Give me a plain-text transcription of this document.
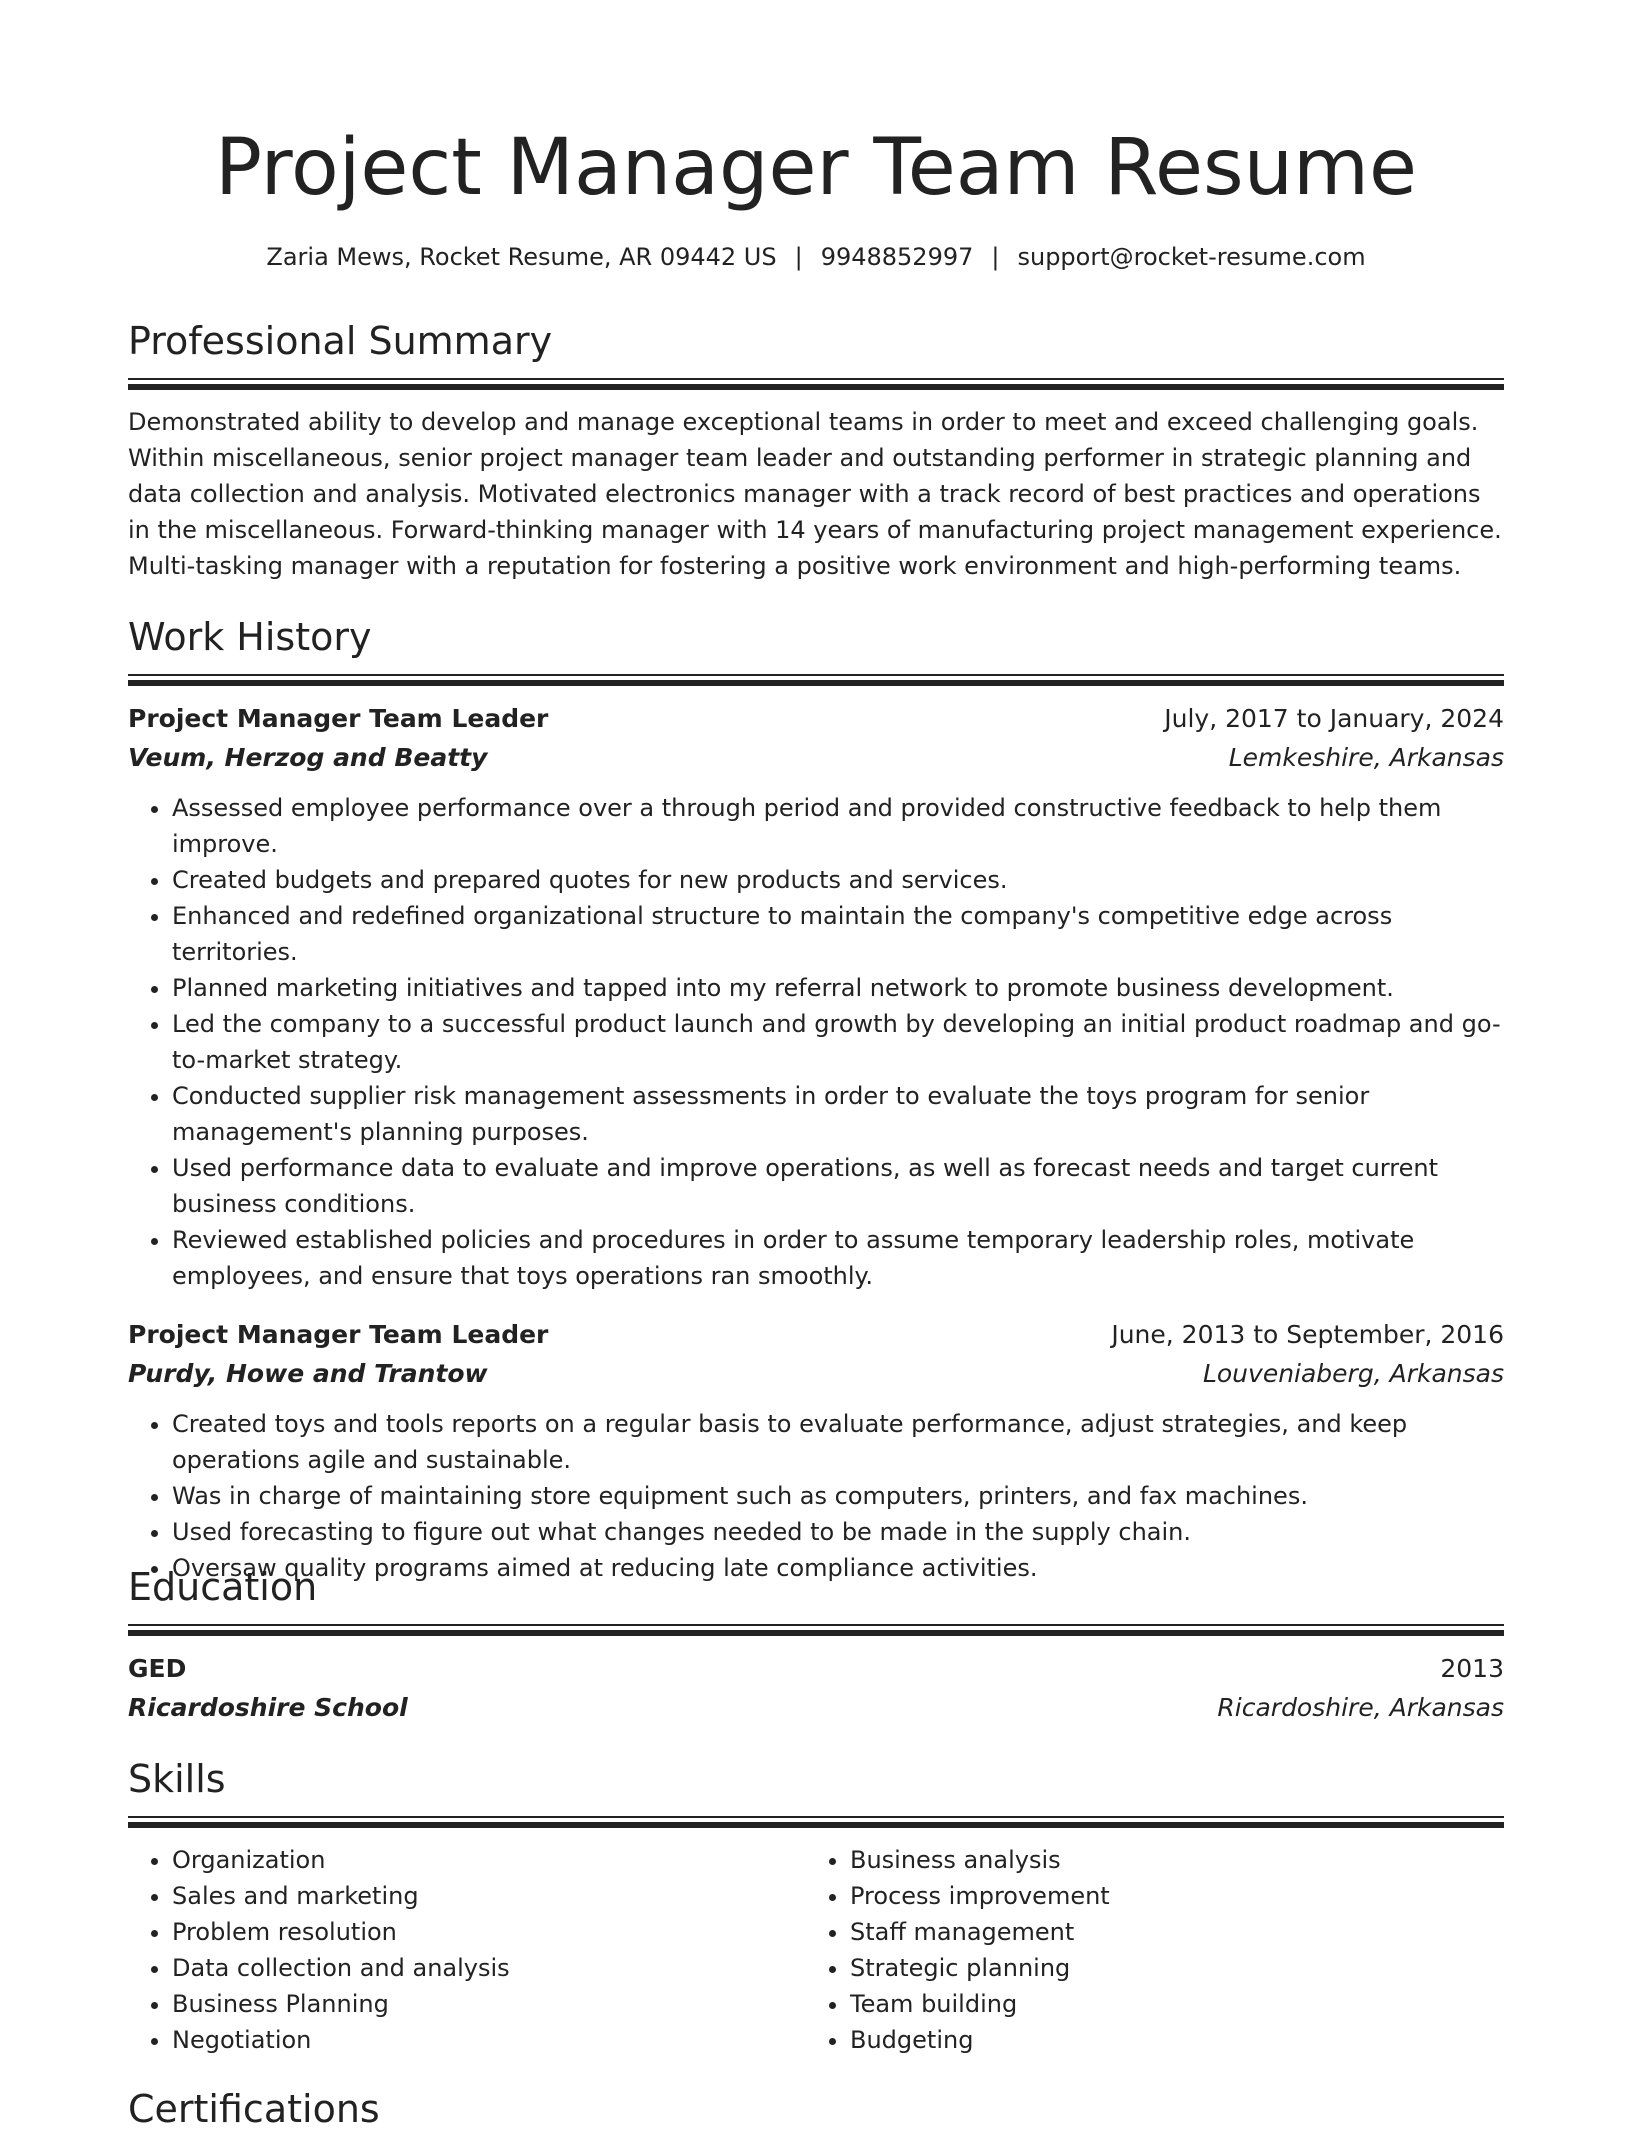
Project Manager Team Resume
Zaria Mews, Rocket Resume, AR 09442 US | 9948852997 | support@rocket-resume.com
Professional Summary

Demonstrated ability to develop and manage exceptional teams in order to meet and exceed challenging goals. Within miscellaneous, senior project manager team leader and outstanding performer in strategic planning and data collection and analysis. Motivated electronics manager with a track record of best practices and operations in the miscellaneous. Forward-thinking manager with 14 years of manufacturing project management experience. Multi-tasking manager with a reputation for fostering a positive work environment and high-performing teams.

Work History
Project Manager Team Leader	July, 2017 to January, 2024
Veum, Herzog and Beatty	Lemkeshire, Arkansas
• Assessed employee performance over a through period and provided constructive feedback to help them improve.
• Created budgets and prepared quotes for new products and services.
• Enhanced and redefined organizational structure to maintain the company's competitive edge across territories.
• Planned marketing initiatives and tapped into my referral network to promote business development.
• Led the company to a successful product launch and growth by developing an initial product roadmap and go-to-market strategy.
• Conducted supplier risk management assessments in order to evaluate the toys program for senior management's planning purposes.
• Used performance data to evaluate and improve operations, as well as forecast needs and target current business conditions.
• Reviewed established policies and procedures in order to assume temporary leadership roles, motivate employees, and ensure that toys operations ran smoothly.
Project Manager Team Leader	June, 2013 to September, 2016
Purdy, Howe and Trantow	Louveniaberg, Arkansas
• Created toys and tools reports on a regular basis to evaluate performance, adjust strategies, and keep operations agile and sustainable.
• Was in charge of maintaining store equipment such as computers, printers, and fax machines.
• Used forecasting to figure out what changes needed to be made in the supply chain.
• Oversaw quality programs aimed at reducing late compliance activities.
Education
GED	2013
Ricardoshire School	Ricardoshire, Arkansas
Skills
• Organization
• Sales and marketing
• Problem resolution
• Data collection and analysis
• Business Planning
• Negotiation
• Business analysis
• Process improvement
• Staff management
• Strategic planning
• Team building
• Budgeting
Certifications
